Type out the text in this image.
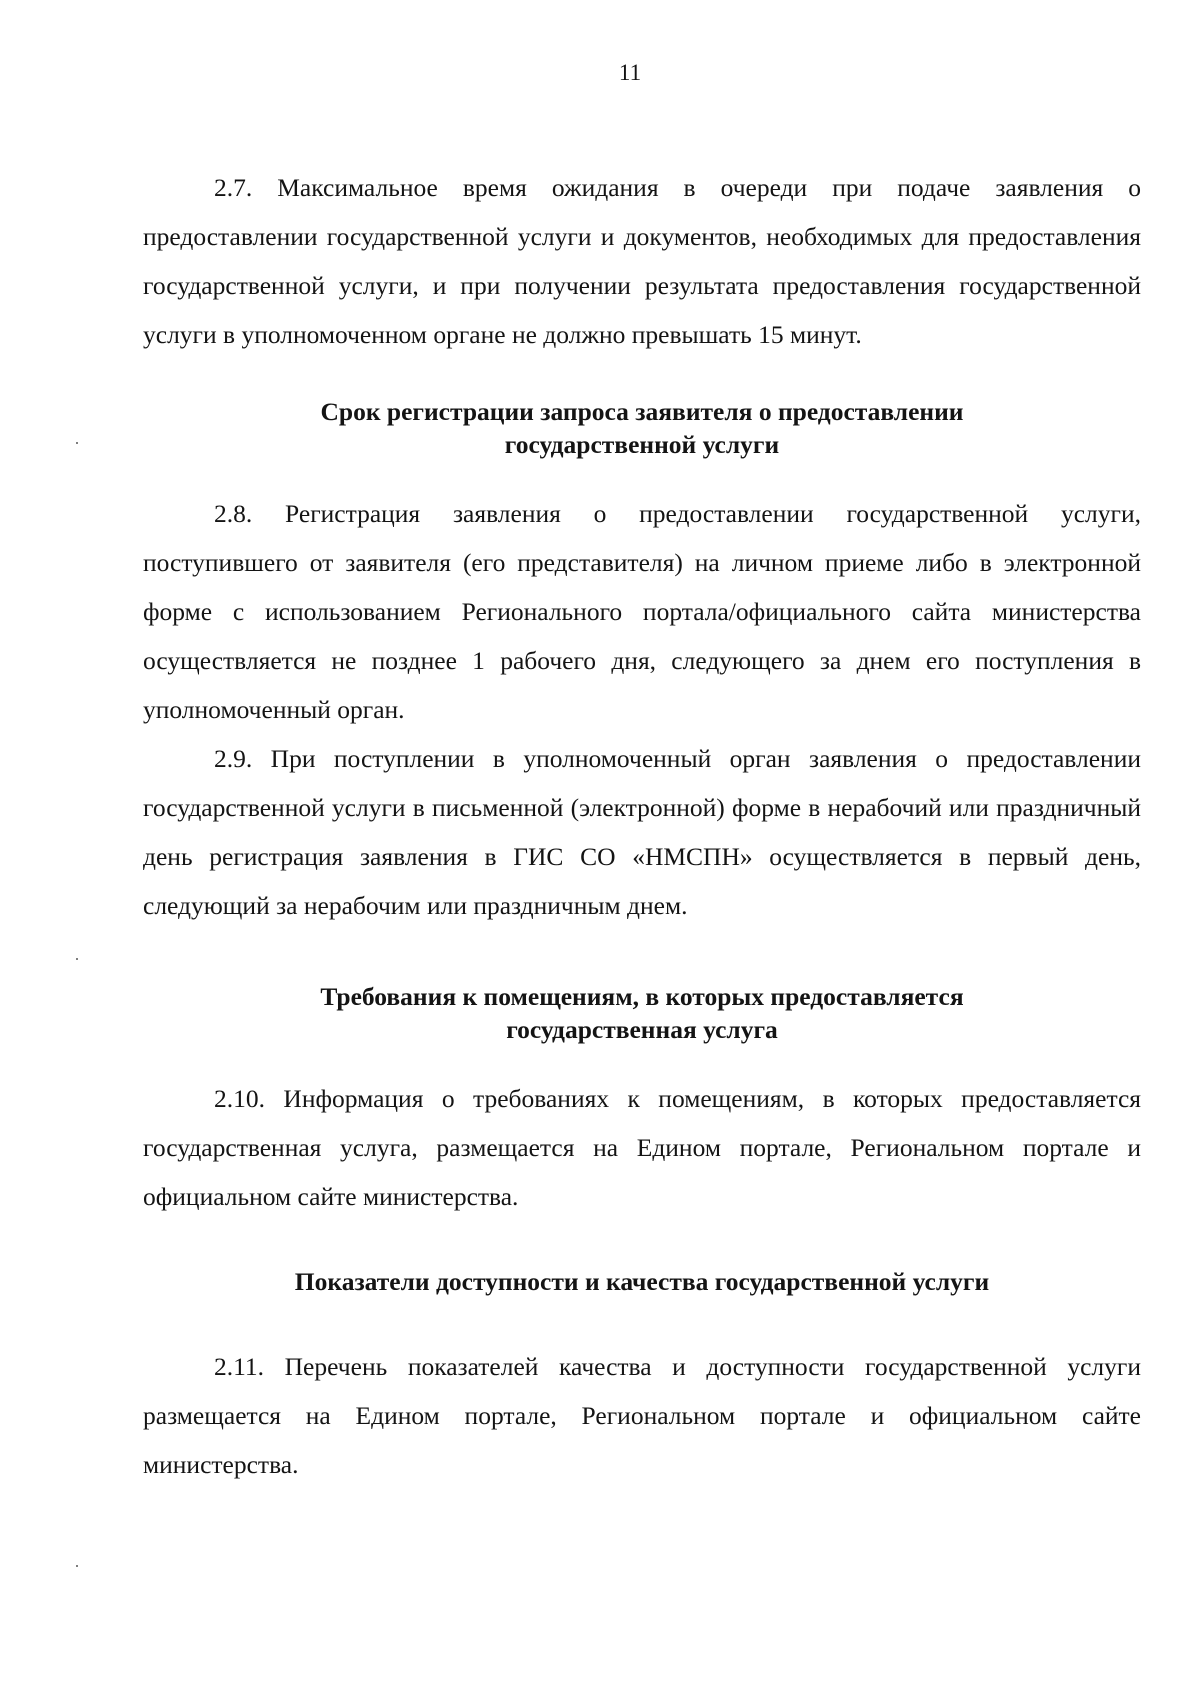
11

2.7. Максимальное время ожидания в очереди при подаче заявления о предоставлении государственной услуги и документов, необходимых для предоставления государственной услуги, и при получении результата предоставления государственной услуги в уполномоченном органе не должно превышать 15 минут.

Срок регистрации запроса заявителя о предоставлении
государственной услуги

2.8. Регистрация заявления о предоставлении государственной услуги, поступившего от заявителя (его представителя) на личном приеме либо в электронной форме с использованием Регионального портала/официального сайта министерства осуществляется не позднее 1 рабочего дня, следующего за днем его поступления в уполномоченный орган.

2.9. При поступлении в уполномоченный орган заявления о предоставлении государственной услуги в письменной (электронной) форме в нерабочий или праздничный день регистрация заявления в ГИС СО «НМСПН» осуществляется в первый день, следующий за нерабочим или праздничным днем.

Требования к помещениям, в которых предоставляется
государственная услуга

2.10. Информация о требованиях к помещениям, в которых предоставляется государственная услуга, размещается на Едином портале, Региональном портале и официальном сайте министерства.

Показатели доступности и качества государственной услуги

2.11. Перечень показателей качества и доступности государственной услуги размещается на Едином портале, Региональном портале и официальном сайте министерства.
